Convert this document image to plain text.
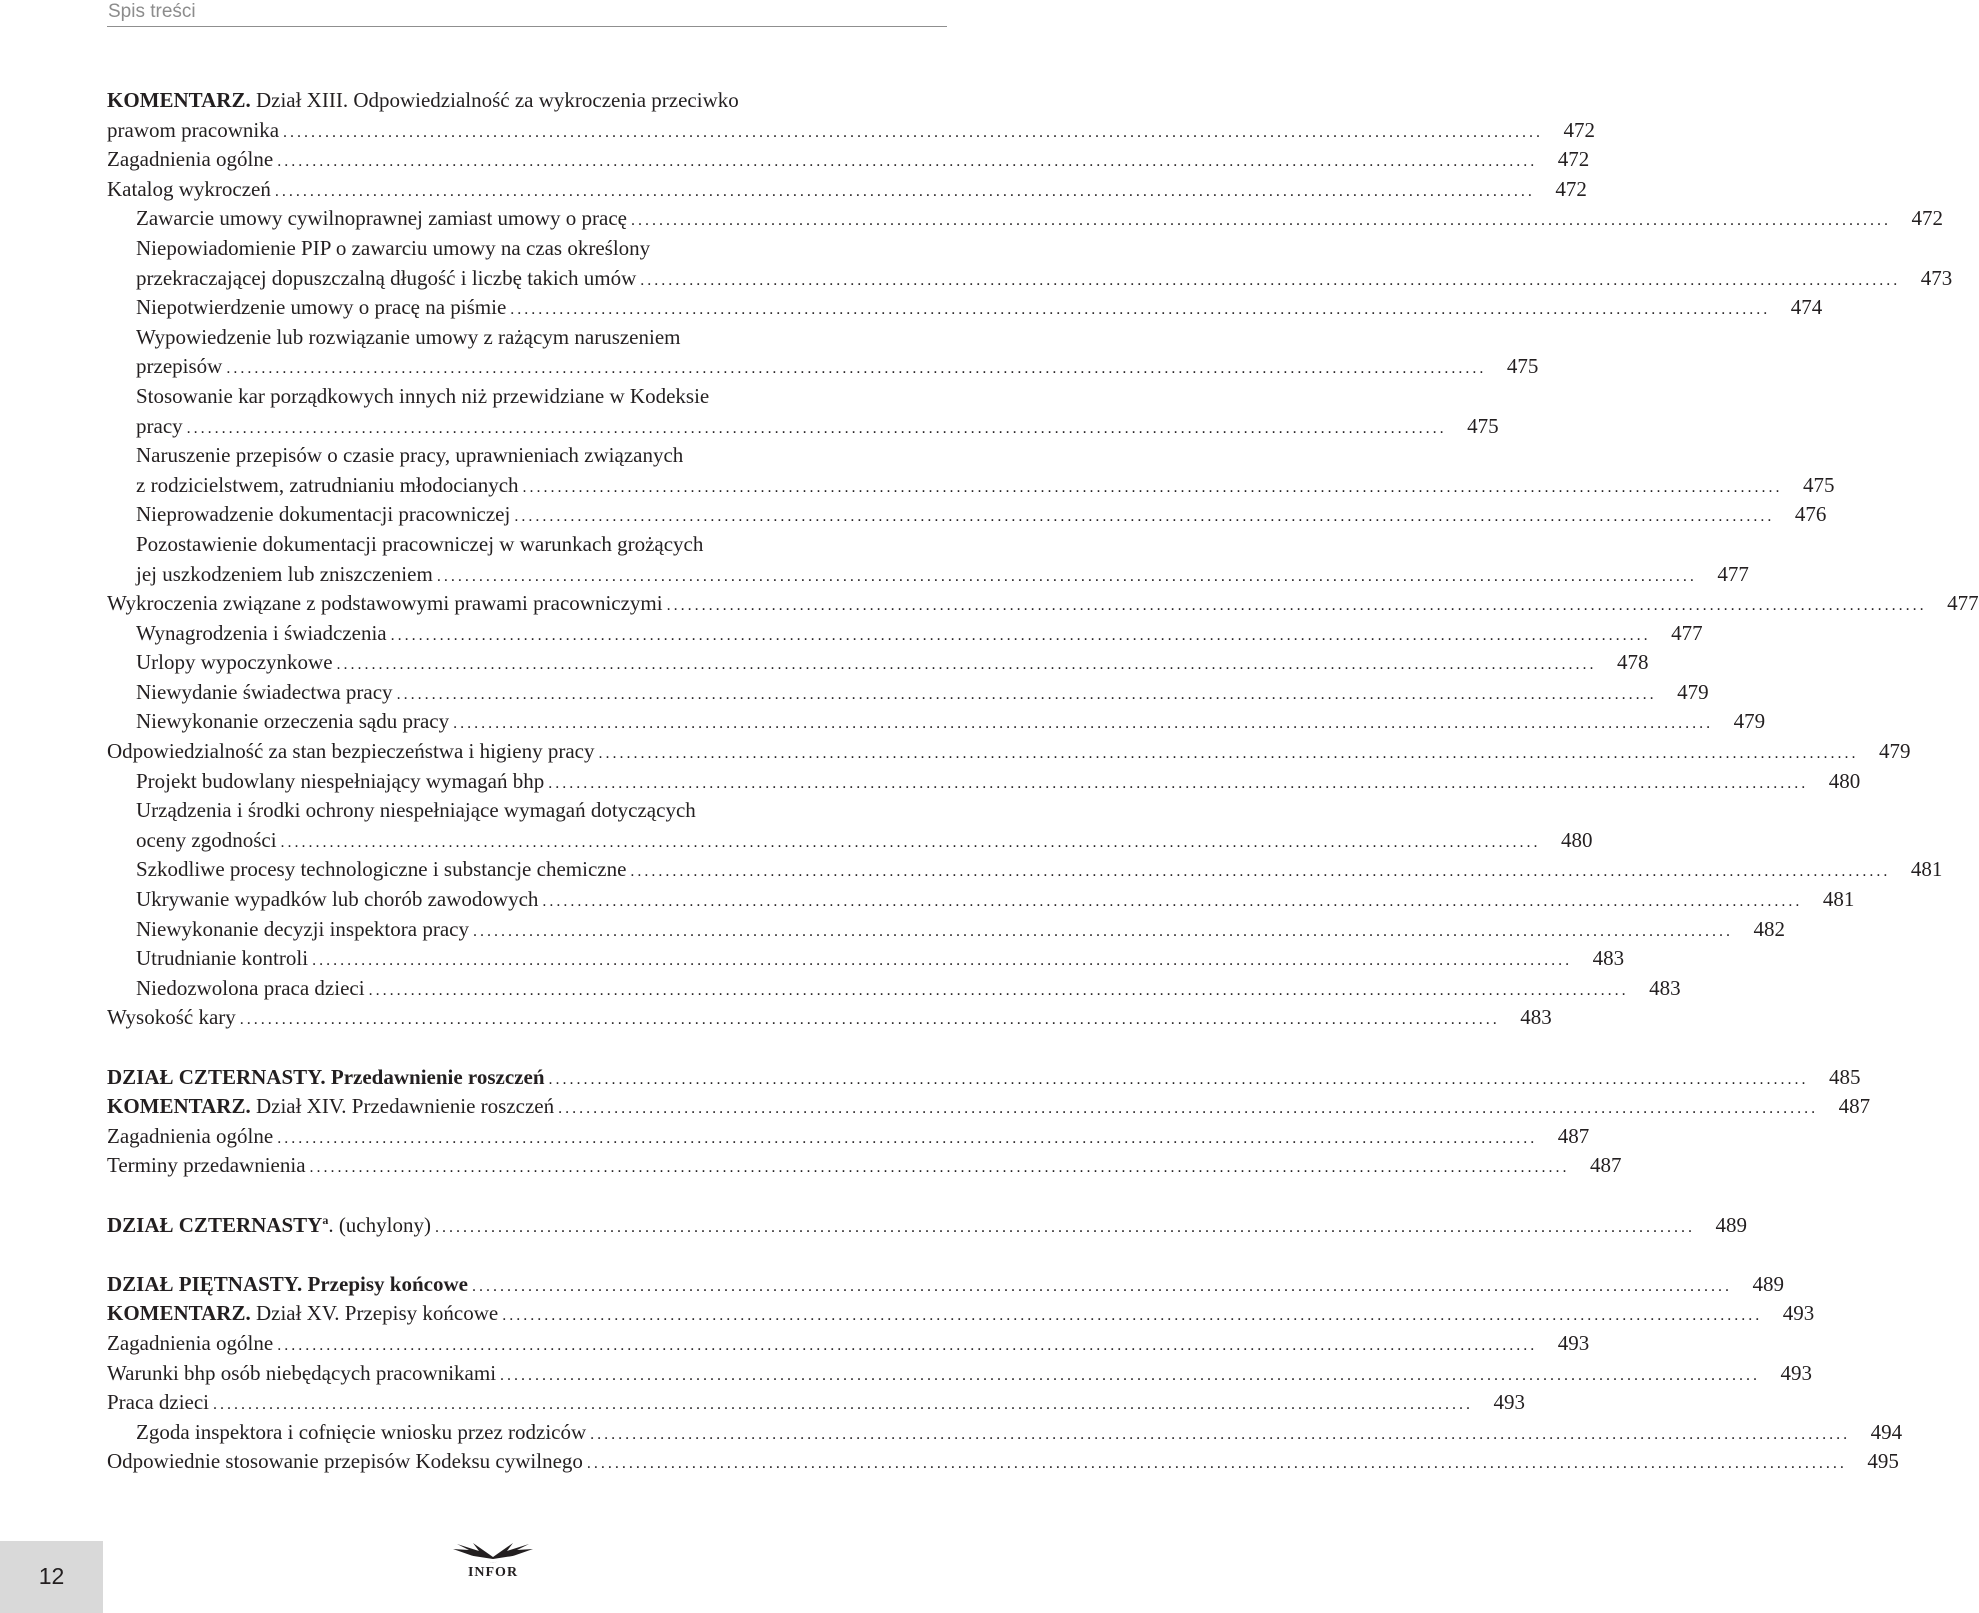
Spis treści
KOMENTARZ. Dział XIII. Odpowiedzialność za wykroczenia przeciwko
prawom pracownika .....	472
Zagadnienia ogólne .....	472
Katalog wykroczeń .....	472
Zawarcie umowy cywilnoprawnej zamiast umowy o pracę .....	472
Niepowiadomienie PIP o zawarciu umowy na czas określony
przekraczającej dopuszczalną długość i liczbę takich umów .....	473
Niepotwierdzenie umowy o pracę na piśmie .....	474
Wypowiedzenie lub rozwiązanie umowy z rażącym naruszeniem
przepisów .....	475
Stosowanie kar porządkowych innych niż przewidziane w Kodeksie
pracy .....	475
Naruszenie przepisów o czasie pracy, uprawnieniach związanych
z rodzicielstwem, zatrudnianiu młodocianych .....	475
Nieprowadzenie dokumentacji pracowniczej .....	476
Pozostawienie dokumentacji pracowniczej w warunkach grożących
jej uszkodzeniem lub zniszczeniem .....	477
Wykroczenia związane z podstawowymi prawami pracowniczymi .....	477
Wynagrodzenia i świadczenia .....	477
Urlopy wypoczynkowe .....	478
Niewydanie świadectwa pracy .....	479
Niewykonanie orzeczenia sądu pracy .....	479
Odpowiedzialność za stan bezpieczeństwa i higieny pracy .....	479
Projekt budowlany niespełniający wymagań bhp .....	480
Urządzenia i środki ochrony niespełniające wymagań dotyczących
oceny zgodności .....	480
Szkodliwe procesy technologiczne i substancje chemiczne .....	481
Ukrywanie wypadków lub chorób zawodowych .....	481
Niewykonanie decyzji inspektora pracy .....	482
Utrudnianie kontroli .....	483
Niedozwolona praca dzieci .....	483
Wysokość kary .....	483
DZIAŁ CZTERNASTY. Przedawnienie roszczeń .....	485
KOMENTARZ. Dział XIV. Przedawnienie roszczeń .....	487
Zagadnienia ogólne .....	487
Terminy przedawnienia .....	487
DZIAŁ CZTERNASTY$^a$. (uchylony) .....	489
DZIAŁ PIĘTNASTY. Przepisy końcowe .....	489
KOMENTARZ. Dział XV. Przepisy końcowe .....	493
Zagadnienia ogólne .....	493
Warunki bhp osób niebędących pracownikami .....	493
Praca dzieci .....	493
Zgoda inspektora i cofnięcie wniosku przez rodziców .....	494
Odpowiednie stosowanie przepisów Kodeksu cywilnego .....	495
12	INFOR
